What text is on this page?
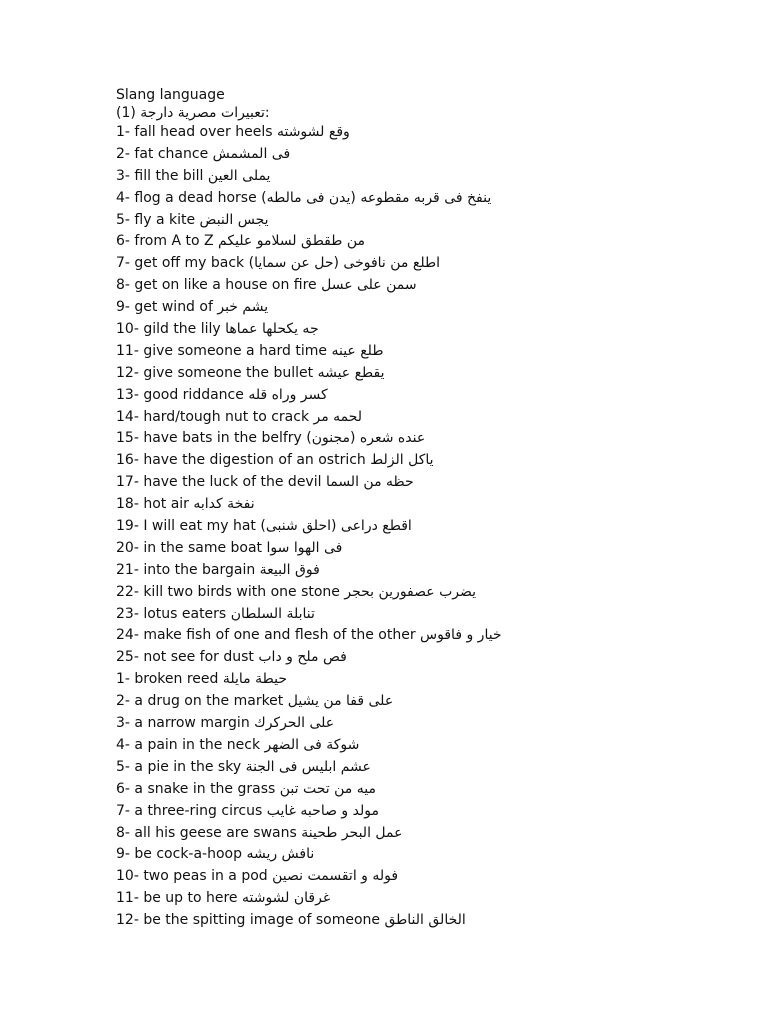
Slang language
(1) تعبيرات مصرية دارجة:
1- fall head over heels وقع لشوشته
2- fat chance فى المشمش
3- fill the bill يملى العين
4- flog a dead horse ينفخ فى قربه مقطوعه (يدن فى مالطه)
5- fly a kite يجس النبض
6- from A to Z من طقطق لسلامو عليكم
7- get off my back اطلع من نافوخى (حل عن سمايا)
8- get on like a house on fire سمن على عسل
9- get wind of يشم خبر
10- gild the lily جه يكحلها عماها
11- give someone a hard time طلع عينه
12- give someone the bullet يقطع عيشه
13- good riddance كسر وراه قله
14- hard/tough nut to crack لحمه مر
15- have bats in the belfry عنده شعره (مجنون)
16- have the digestion of an ostrich ياكل الزلط
17- have the luck of the devil حظه من السما
18- hot air نفخة كدابه
19- I will eat my hat اقطع دراعى (احلق شنبى)
20- in the same boat فى الهوا سوا
21- into the bargain فوق البيعة
22- kill two birds with one stone يضرب عصفورين بحجر
23- lotus eaters تنابلة السلطان
24- make fish of one and flesh of the other خيار و فاقوس
25- not see for dust فص ملح و داب
1- broken reed حيطة مايلة
2- a drug on the market على قفا من يشيل
3- a narrow margin على الحركرك
4- a pain in the neck شوكة فى الضهر
5- a pie in the sky عشم ابليس فى الجنة
6- a snake in the grass ميه من تحت تبن
7- a three-ring circus مولد و صاحبه غايب
8- all his geese are swans عمل البحر طحينة
9- be cock-a-hoop نافش ريشه
10- two peas in a pod فوله و اتقسمت نصين
11- be up to here غرقان لشوشته
12- be the spitting image of someone الخالق الناطق
